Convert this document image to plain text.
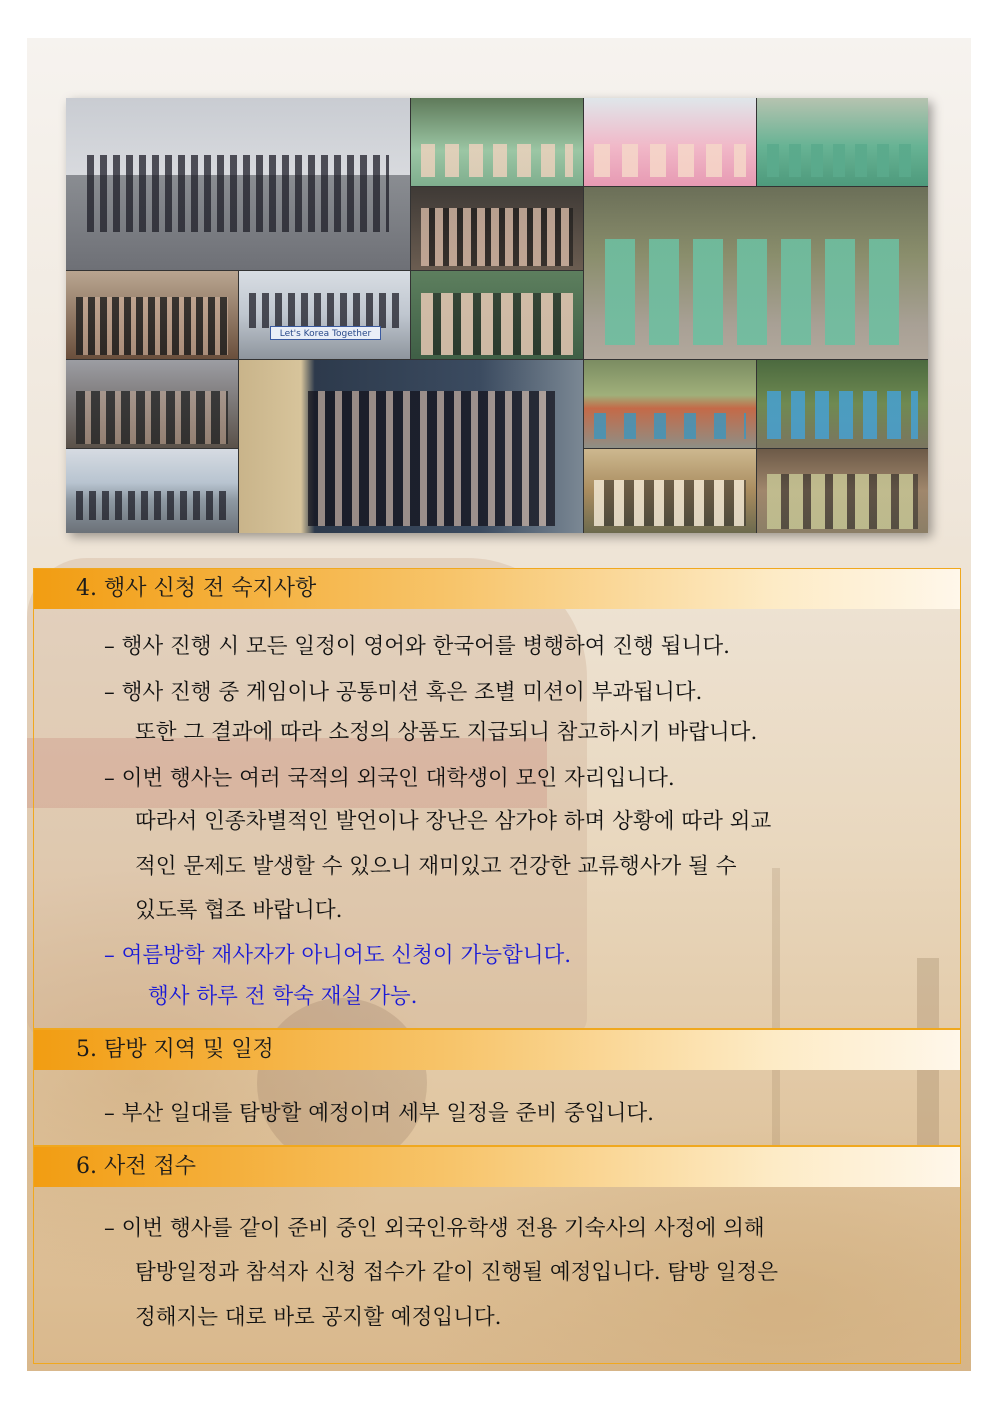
Let's Korea Together
4. 행사 신청 전 숙지사항
– 행사 진행 시 모든 일정이 영어와 한국어를 병행하여 진행 됩니다.
– 행사 진행 중 게임이나 공통미션 혹은 조별 미션이 부과됩니다.
또한 그 결과에 따라 소정의 상품도 지급되니 참고하시기 바랍니다.
– 이번 행사는 여러 국적의 외국인 대학생이 모인 자리입니다.
따라서 인종차별적인 발언이나 장난은 삼가야 하며 상황에 따라 외교
적인 문제도 발생할 수 있으니 재미있고 건강한 교류행사가 될 수
있도록 협조 바랍니다.
– 여름방학 재사자가 아니어도 신청이 가능합니다.
행사 하루 전 학숙 재실 가능.
5. 탐방 지역 및 일정
– 부산 일대를 탐방할 예정이며 세부 일정을 준비 중입니다.
6. 사전 접수
– 이번 행사를 같이 준비 중인 외국인유학생 전용 기숙사의 사정에 의해
탐방일정과 참석자 신청 접수가 같이 진행될 예정입니다. 탐방 일정은
정해지는 대로 바로 공지할 예정입니다.
